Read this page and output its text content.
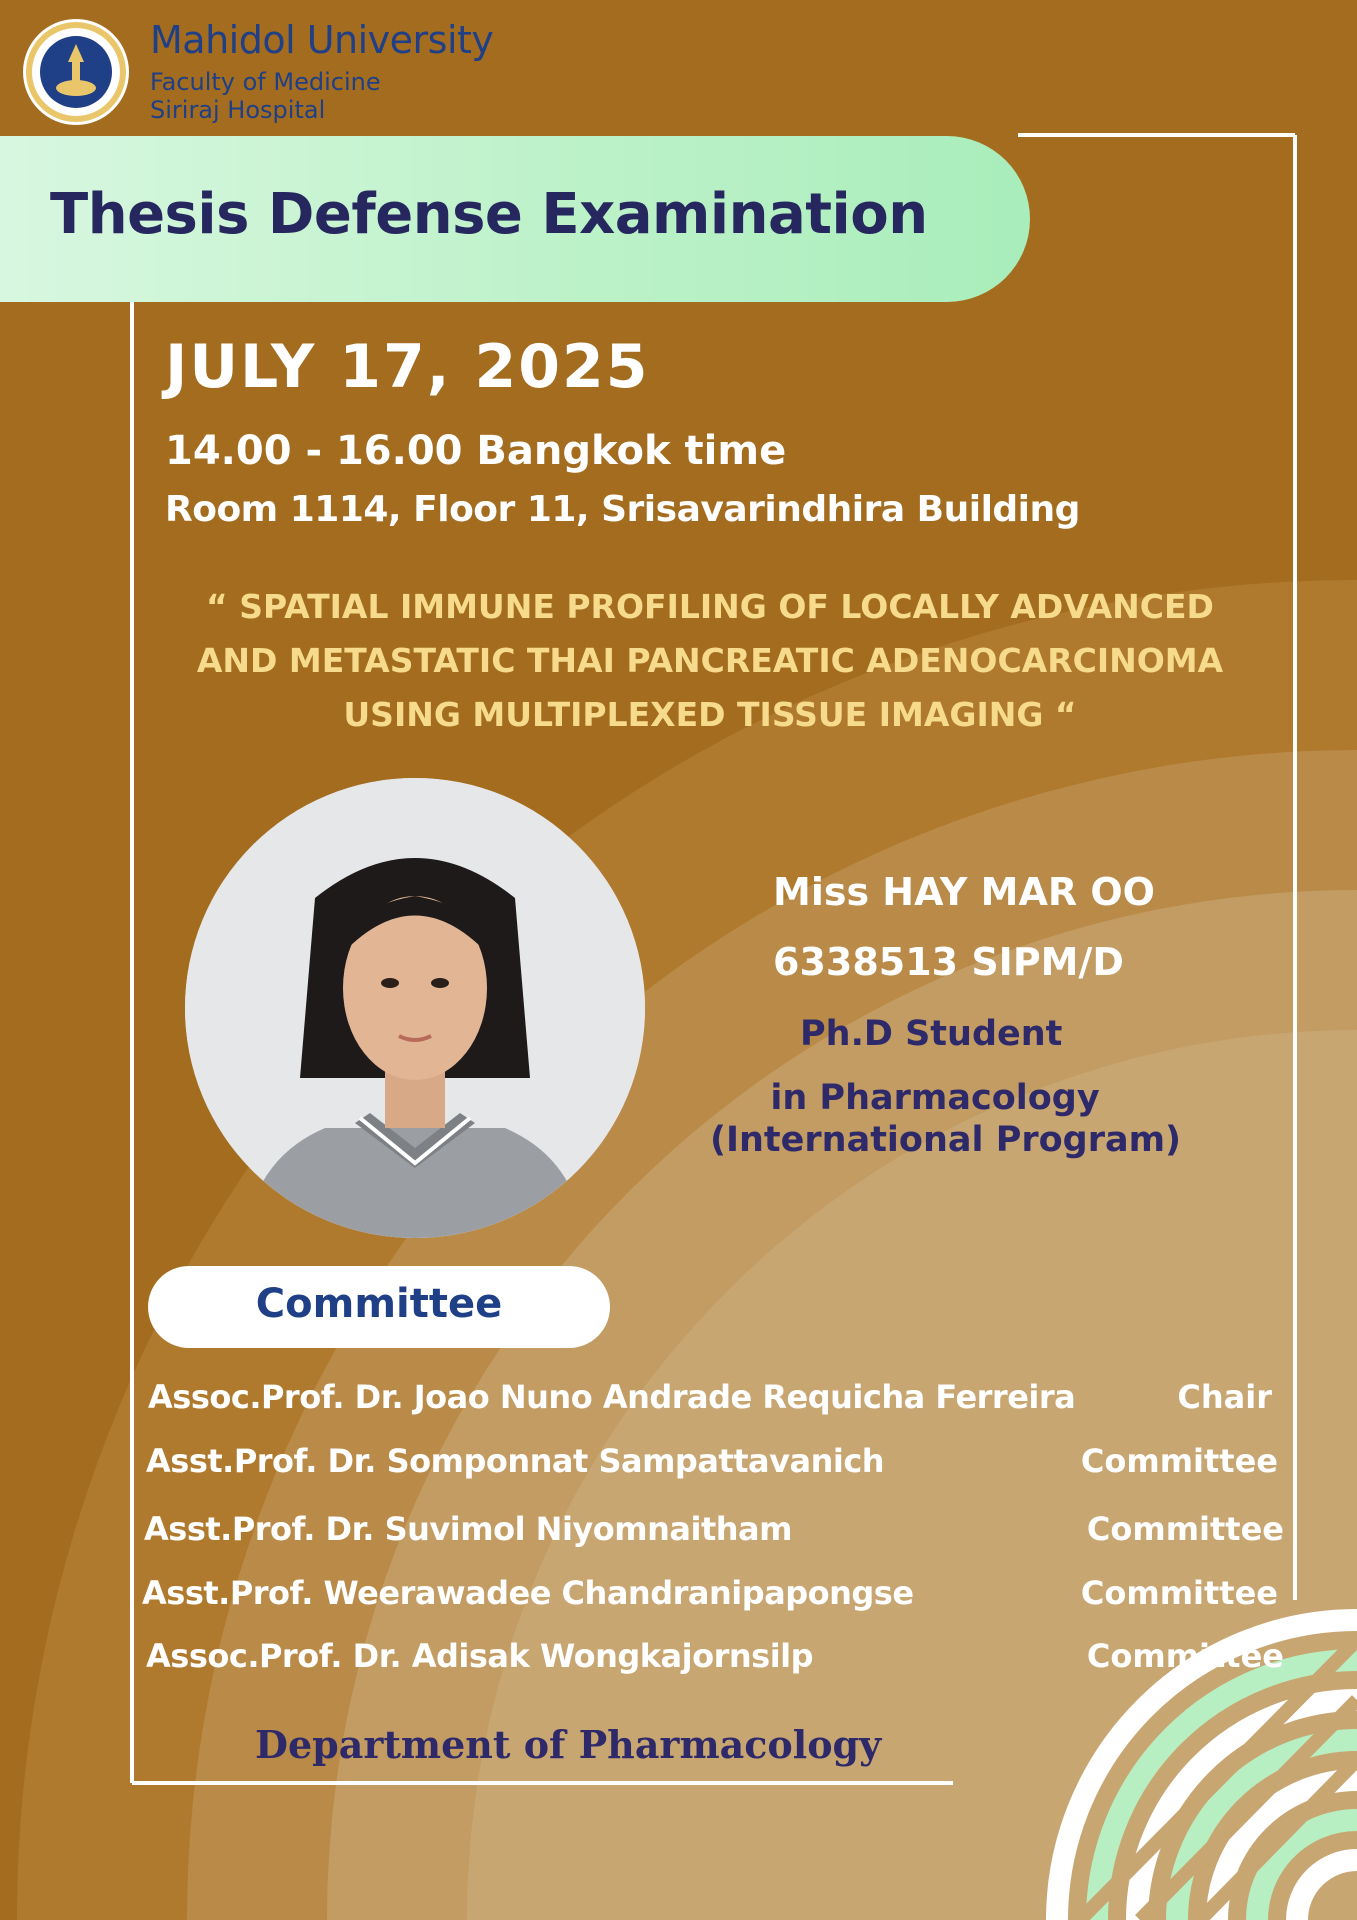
Mahidol University
Faculty of Medicine
Siriraj Hospital
Thesis Defense Examination
JULY 17, 2025
14.00 - 16.00 Bangkok time
Room 1114, Floor 11, Srisavarindhira Building
“ SPATIAL IMMUNE PROFILING OF LOCALLY ADVANCED
AND METASTATIC THAI PANCREATIC ADENOCARCINOMA
USING MULTIPLEXED TISSUE IMAGING “
Miss HAY MAR OO
6338513 SIPM/D
Ph.D Student
in Pharmacology
(International Program)
Committee
Assoc.Prof. Dr. Joao Nuno Andrade Requicha Ferreira	Chair
Asst.Prof. Dr. Somponnat Sampattavanich	Committee
Asst.Prof. Dr. Suvimol Niyomnaitham	Committee
Asst.Prof. Weerawadee Chandranipapongse	Committee
Assoc.Prof. Dr. Adisak Wongkajornsilp	Committee
Department of Pharmacology
